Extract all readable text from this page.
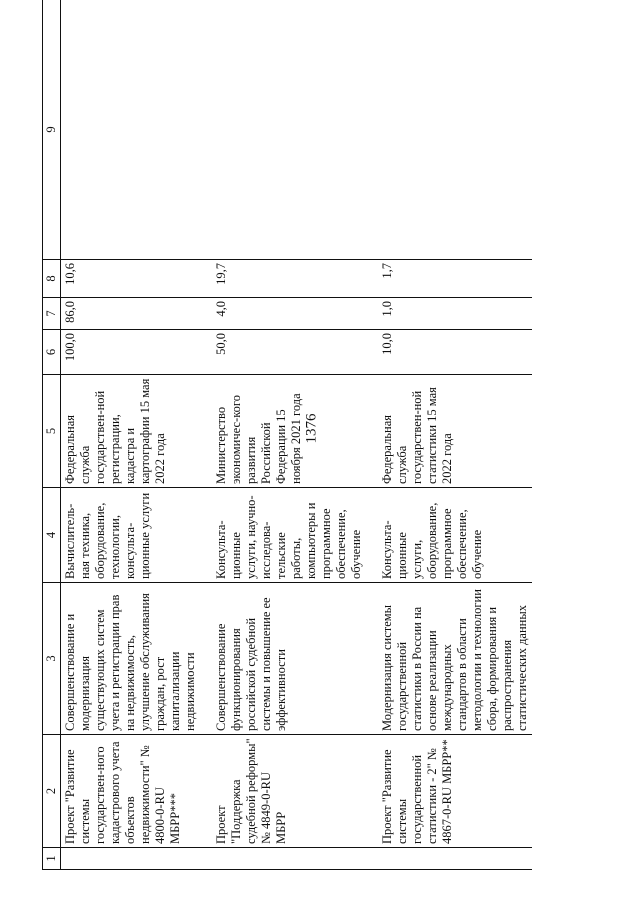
1376
1	2	3	4	5	6	7	8	9
	Проект "Развитие системы государствен-ного кадастрового учета объектов недвижимости" № 4800-0-RU МБРР***	Совершенствование и модернизация существующих систем учета и регистрации прав на недвижимость, улучшение обслуживания граждан, рост капитализации недвижимости	Вычислитель-ная техника, оборудование, технологии, консульта-ционные услуги	Федеральная служба государствен-ной регистрации, кадастра и картографии 15 мая 2022 года	100,0	86,0	10,6	
	Проект "Поддержка судебной реформы" № 4849-0-RU МБРР	Совершенствование функционирования российской судебной системы и повышение ее эффективности	Консульта-ционные услуги, научно-исследова-тельские работы, компьютеры и программное обеспечение, обучение	Министерство экономичес-кого развития Российской Федерации 15 ноября 2021 года	50,0	4,0	19,7	
	Проект "Развитие системы государственной статистики - 2" № 4867-0-RU МБРР**	Модернизация системы государственной статистики в России на основе реализации международных стандартов в области методологии и технологии сбора, формирования и распространения статистических данных	Консульта-ционные услуги, оборудование, программное обеспечение, обучение	Федеральная служба государствен-ной статистики 15 мая 2022 года	10,0	1,0	1,7	
